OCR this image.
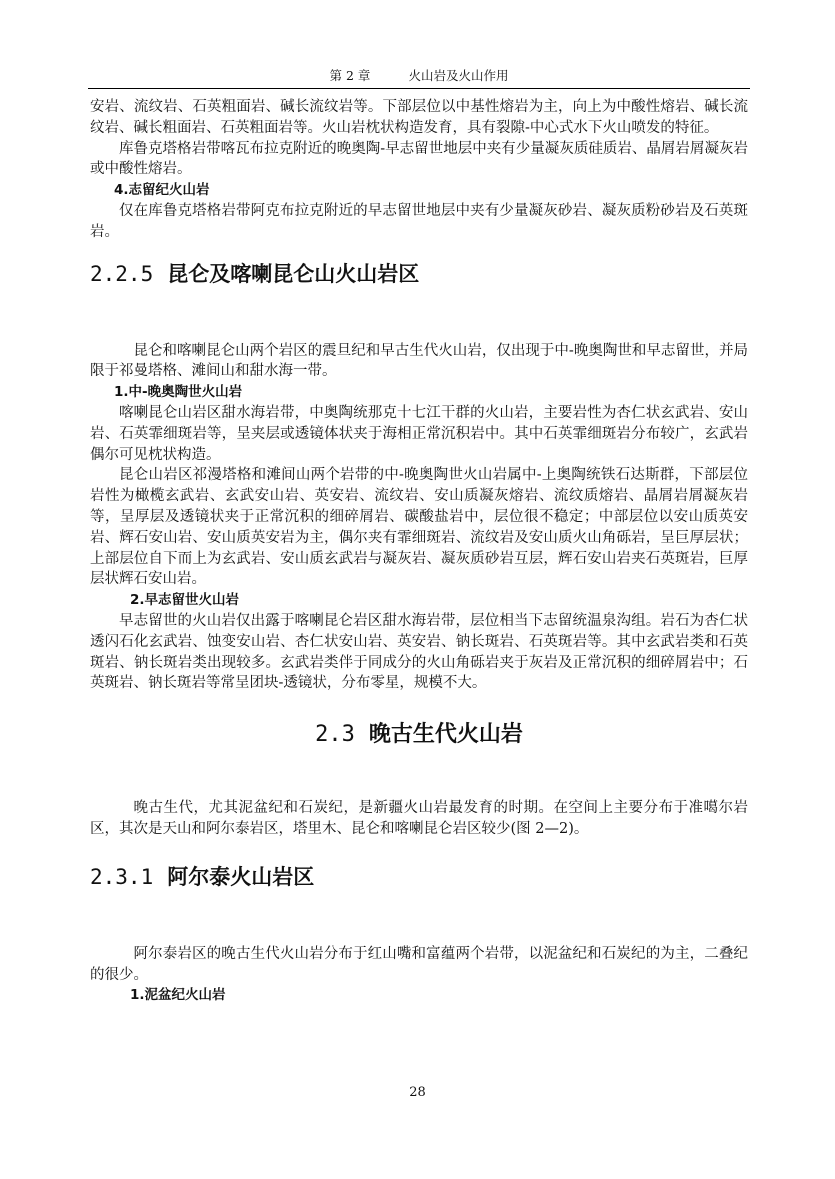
第 2 章	火山岩及火山作用

安岩、流纹岩、石英粗面岩、碱长流纹岩等。下部层位以中基性熔岩为主，向上为中酸性熔岩、碱长流纹岩、碱长粗面岩、石英粗面岩等。火山岩枕状构造发育，具有裂隙-中心式水下火山喷发的特征。

库鲁克塔格岩带喀瓦布拉克附近的晚奥陶-早志留世地层中夹有少量凝灰质硅质岩、晶屑岩屑凝灰岩或中酸性熔岩。

4.志留纪火山岩

仅在库鲁克塔格岩带阿克布拉克附近的早志留世地层中夹有少量凝灰砂岩、凝灰质粉砂岩及石英斑岩。

2.2.5 昆仑及喀喇昆仑山火山岩区

昆仑和喀喇昆仑山两个岩区的震旦纪和早古生代火山岩，仅出现于中-晚奥陶世和早志留世，并局限于祁曼塔格、滩间山和甜水海一带。

1.中-晚奥陶世火山岩

喀喇昆仑山岩区甜水海岩带，中奥陶统那克十七江干群的火山岩，主要岩性为杏仁状玄武岩、安山岩、石英霏细斑岩等，呈夹层或透镜体状夹于海相正常沉积岩中。其中石英霏细斑岩分布较广，玄武岩偶尔可见枕状构造。

昆仑山岩区祁漫塔格和滩间山两个岩带的中-晚奥陶世火山岩属中-上奥陶统铁石达斯群，下部层位岩性为橄榄玄武岩、玄武安山岩、英安岩、流纹岩、安山质凝灰熔岩、流纹质熔岩、晶屑岩屑凝灰岩等，呈厚层及透镜状夹于正常沉积的细碎屑岩、碳酸盐岩中，层位很不稳定；中部层位以安山质英安岩、辉石安山岩、安山质英安岩为主，偶尔夹有霏细斑岩、流纹岩及安山质火山角砾岩，呈巨厚层状；上部层位自下而上为玄武岩、安山质玄武岩与凝灰岩、凝灰质砂岩互层，辉石安山岩夹石英斑岩，巨厚层状辉石安山岩。

2.早志留世火山岩

早志留世的火山岩仅出露于喀喇昆仑岩区甜水海岩带，层位相当下志留统温泉沟组。岩石为杏仁状透闪石化玄武岩、蚀变安山岩、杏仁状安山岩、英安岩、钠长斑岩、石英斑岩等。其中玄武岩类和石英斑岩、钠长斑岩类出现较多。玄武岩类伴于同成分的火山角砾岩夹于灰岩及正常沉积的细碎屑岩中；石英斑岩、钠长斑岩等常呈团块-透镜状，分布零星，规模不大。

2.3 晚古生代火山岩

晚古生代，尤其泥盆纪和石炭纪，是新疆火山岩最发育的时期。在空间上主要分布于准噶尔岩区，其次是天山和阿尔泰岩区，塔里木、昆仑和喀喇昆仑岩区较少(图 2—2)。

2.3.1 阿尔泰火山岩区

阿尔泰岩区的晚古生代火山岩分布于红山嘴和富蕴两个岩带，以泥盆纪和石炭纪的为主，二叠纪的很少。

1.泥盆纪火山岩

28
